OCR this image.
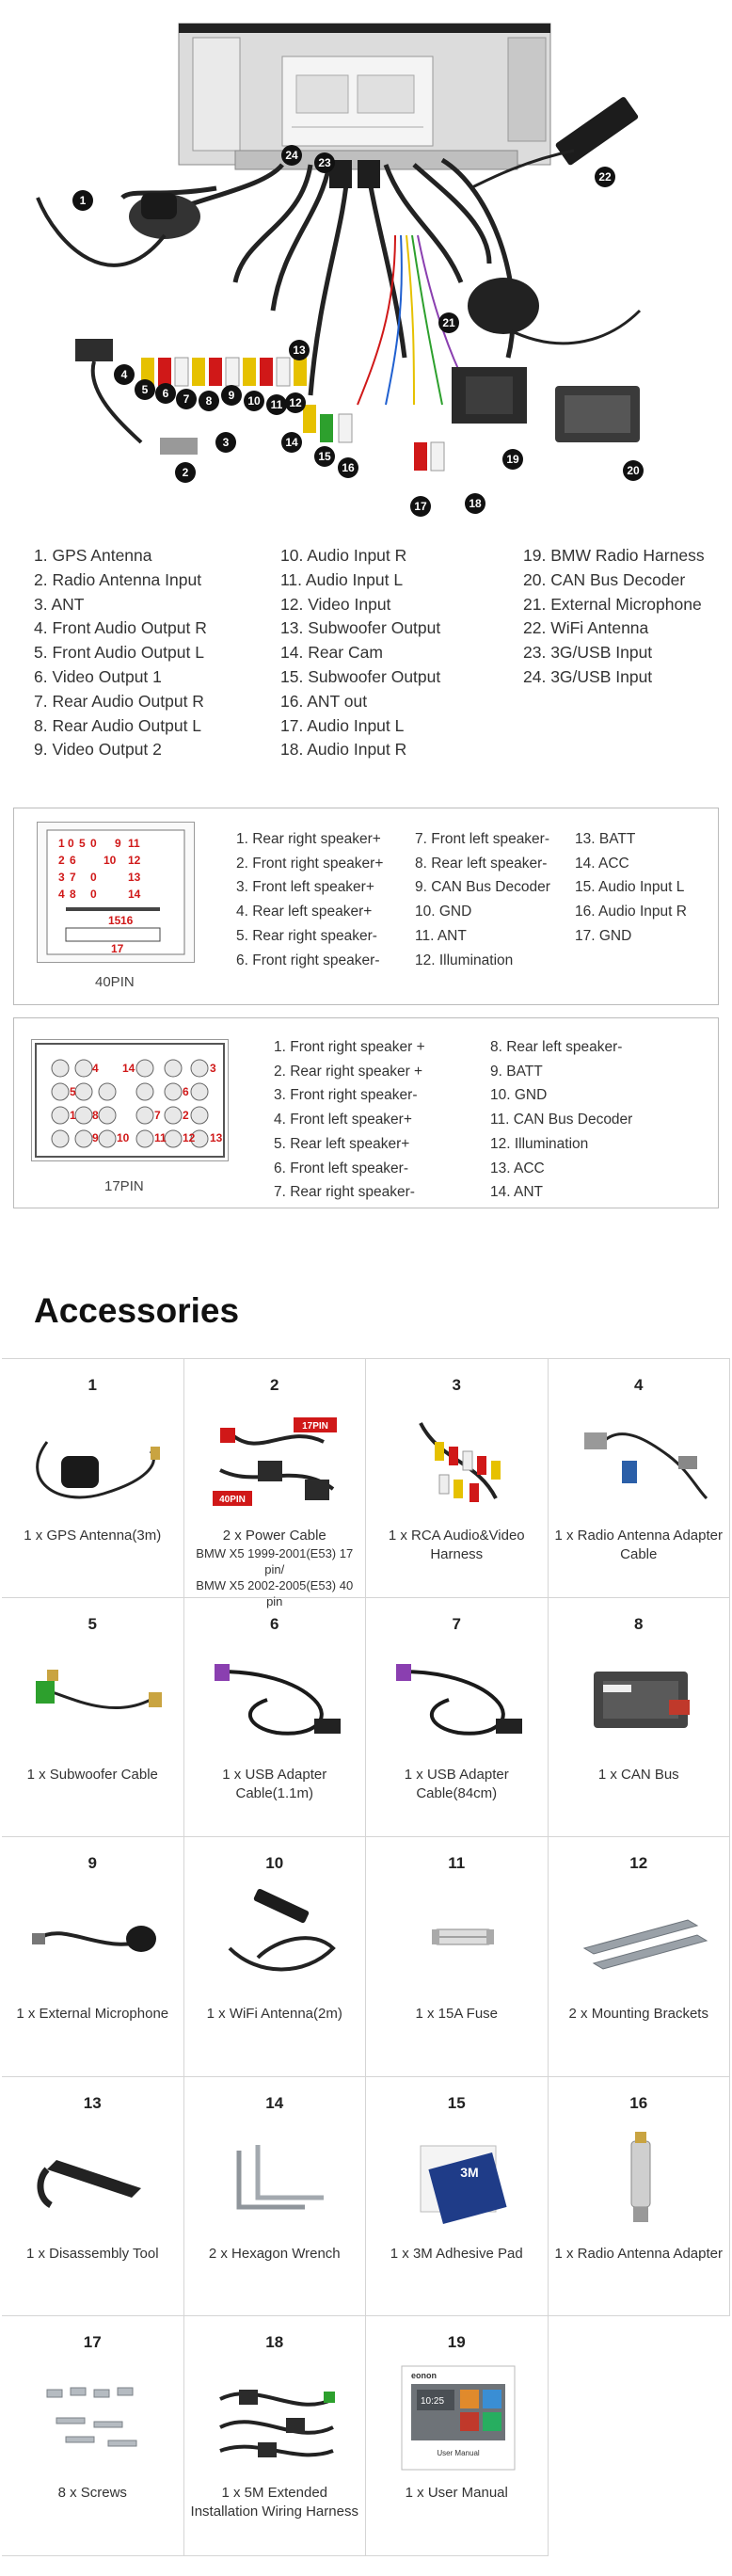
1
2
3
4
5 6 7 8 9 10 11 12
13
14
15
16
17	18
19
20
21
22
23
24
1. GPS Antenna
2. Radio Antenna Input
3. ANT
4. Front Audio Output R
5. Front Audio Output L
6. Video Output 1
7. Rear Audio Output R
8. Rear Audio Output L
9. Video Output 2
10. Audio Input R
11. Audio Input L
12. Video Input
13. Subwoofer Output
14. Rear Cam
15. Subwoofer Output
16. ANT out
17. Audio Input L
18. Audio Input R
19. BMW Radio Harness
20. CAN Bus Decoder
21. External Microphone
22. WiFi Antenna
23. 3G/USB Input
24. 3G/USB Input
1 0 5 0 9 11
2 6 10 12
3 7 0	13
4 8 0	14
15 16
17
40PIN
1. Rear right speaker+
2. Front right speaker+
3. Front left speaker+
4. Rear left speaker+
5. Rear right speaker-
6. Front right speaker-
7. Front left speaker-
8. Rear left speaker-
9. CAN Bus Decoder
10. GND
11. ANT
12. Illumination
13. BATT
14. ACC
15. Audio Input L
16. Audio Input R
17. GND
4	3
5	6
1 8	7 2
9 10 11 12 13
14
17PIN
1. Front right speaker +
2. Rear right speaker +
3. Front right speaker-
4. Front left speaker+
5. Rear left speaker+
6. Front left speaker-
7. Rear right speaker-
8. Rear left speaker-
9. BATT
10. GND
11. CAN Bus Decoder
12. Illumination
13. ACC
14. ANT
Accessories
1
1 x GPS Antenna(3m)
2
17PIN
40PIN
2 x Power Cable
BMW X5 1999-2001(E53) 17 pin/
BMW X5 2002-2005(E53) 40 pin
3
1 x RCA Audio&Video Harness
4
1 x Radio Antenna Adapter Cable
5
1 x Subwoofer Cable
6
1 x USB Adapter Cable(1.1m)
7
1 x USB Adapter Cable(84cm)
8
1 x CAN Bus
9
1 x External Microphone
10
1 x WiFi Antenna(2m)
11
1 x 15A Fuse
12
2 x Mounting Brackets
13
1 x Disassembly Tool
14
2 x Hexagon Wrench
15
3M
1 x 3M Adhesive Pad
16
1 x Radio Antenna Adapter
17
8 x Screws
18
1 x 5M Extended Installation Wiring Harness
19
eonon
10:25
User Manual
1 x User Manual
